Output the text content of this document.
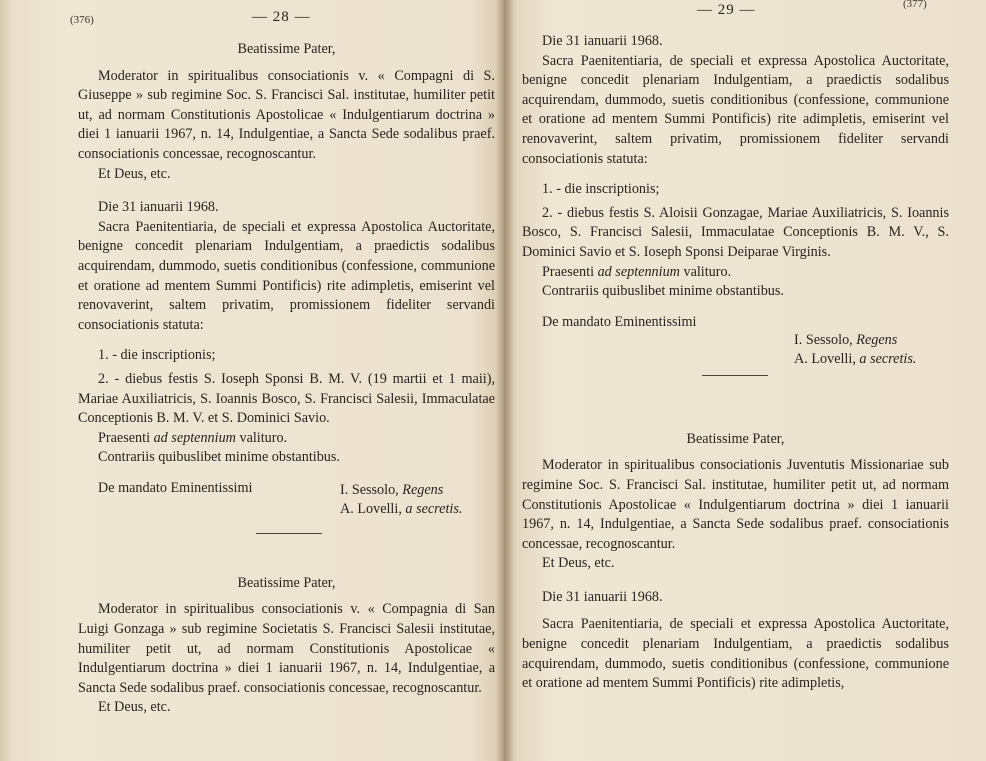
(376)	— 28 —

Beatissime Pater,

Moderator in spiritualibus consociationis v. « Compagni di S. Giuseppe » sub regimine Soc. S. Francisci Sal. institutae, humiliter petit ut, ad normam Constitutionis Apostolicae « Indulgentiarum doctrina » diei 1 ianuarii 1967, n. 14, Indulgentiae, a Sancta Sede sodalibus praef. consociationis concessae, recognoscantur.

Et Deus, etc.

Die 31 ianuarii 1968.

Sacra Paenitentiaria, de speciali et expressa Apostolica Auctoritate, benigne concedit plenariam Indulgentiam, a praedictis sodalibus acquirendam, dummodo, suetis conditionibus (confessione, communione et oratione ad mentem Summi Pontificis) rite adimpletis, emiserint vel renovaverint, saltem privatim, promissionem fideliter servandi consociationis statuta:

1. - die inscriptionis;

2. - diebus festis S. Ioseph Sponsi B. M. V. (19 martii et 1 maii), Mariae Auxiliatricis, S. Ioannis Bosco, S. Francisci Salesii, Immaculatae Conceptionis B. M. V. et S. Dominici Savio.

Praesenti ad septennium valituro.

Contrariis quibuslibet minime obstantibus.

De mandato Eminentissimi	I. Sessolo, Regens
A. Lovelli, a secretis.

Beatissime Pater,

Moderator in spiritualibus consociationis v. « Compagnia di San Luigi Gonzaga » sub regimine Societatis S. Francisci Salesii institutae, humiliter petit ut, ad normam Constitutionis Apostolicae « Indulgentiarum doctrina » diei 1 ianuarii 1967, n. 14, Indulgentiae, a Sancta Sede sodalibus praef. consociationis concessae, recognoscantur.

Et Deus, etc.

— 29 —	(377)

Die 31 ianuarii 1968.

Sacra Paenitentiaria, de speciali et expressa Apostolica Auctoritate, benigne concedit plenariam Indulgentiam, a praedictis sodalibus acquirendam, dummodo, suetis conditionibus (confessione, communione et oratione ad mentem Summi Pontificis) rite adimpletis, emiserint vel renovaverint, saltem privatim, promissionem fideliter servandi consociationis statuta:

1. - die inscriptionis;

2. - diebus festis S. Aloisii Gonzagae, Mariae Auxiliatricis, S. Ioannis Bosco, S. Francisci Salesii, Immaculatae Conceptionis B. M. V., S. Dominici Savio et S. Ioseph Sponsi Deiparae Virginis.

Praesenti ad septennium valituro.

Contrariis quibuslibet minime obstantibus.

De mandato Eminentissimi
I. Sessolo, Regens
A. Lovelli, a secretis.

Beatissime Pater,

Moderator in spiritualibus consociationis Juventutis Missionariae sub regimine Soc. S. Francisci Sal. institutae, humiliter petit ut, ad normam Constitutionis Apostolicae « Indulgentiarum doctrina » diei 1 ianuarii 1967, n. 14, Indulgentiae, a Sancta Sede sodalibus praef. consociationis concessae, recognoscantur.

Et Deus, etc.

Die 31 ianuarii 1968.

Sacra Paenitentiaria, de speciali et expressa Apostolica Auctoritate, benigne concedit plenariam Indulgentiam, a praedictis sodalibus acquirendam, dummodo, suetis conditionibus (confessione, communione et oratione ad mentem Summi Pontificis) rite adimpletis,
